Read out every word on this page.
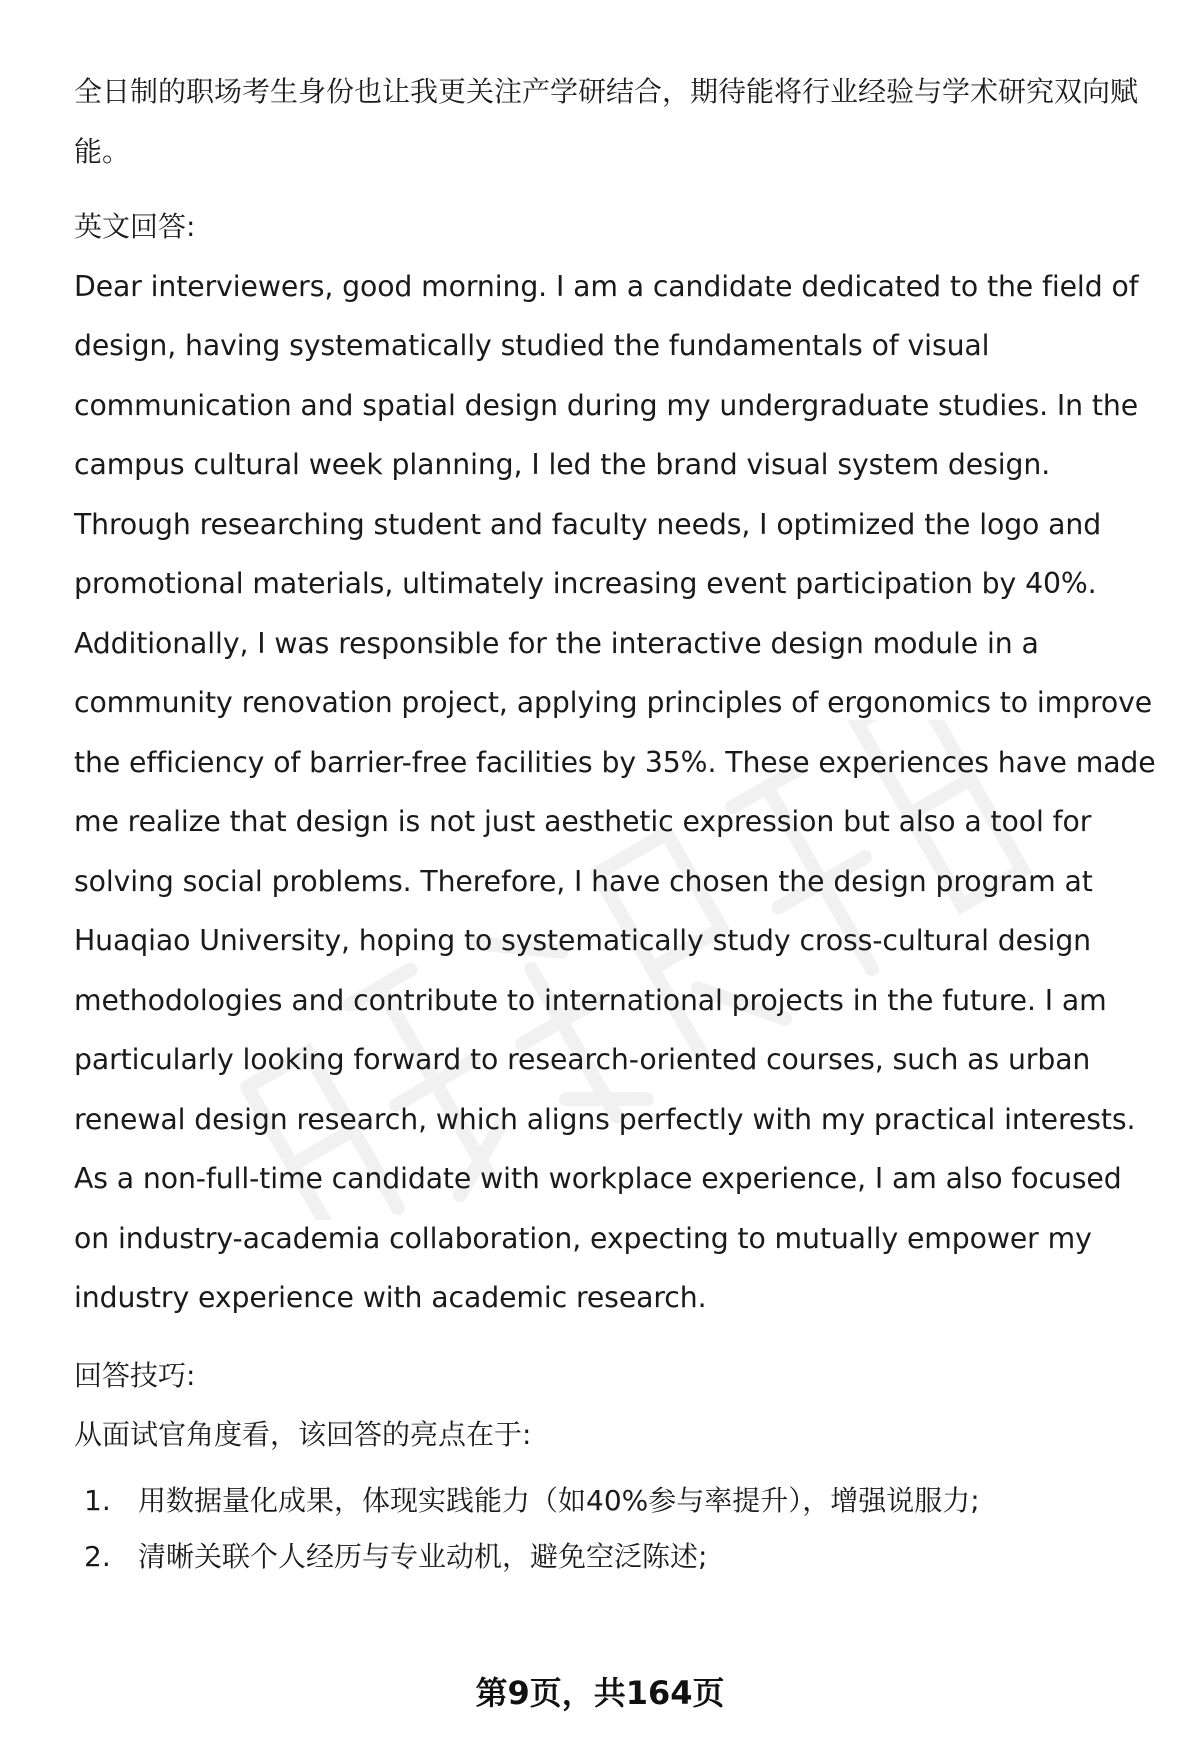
全日制的职场考生身份也让我更关注产学研结合，期待能将行业经验与学术研究双向赋能。

英文回答:

Dear interviewers, good morning. I am a candidate dedicated to the field of design, having systematically studied the fundamentals of visual communication and spatial design during my undergraduate studies. In the campus cultural week planning, I led the brand visual system design. Through researching student and faculty needs, I optimized the logo and promotional materials, ultimately increasing event participation by 40%. Additionally, I was responsible for the interactive design module in a community renovation project, applying principles of ergonomics to improve the efficiency of barrier-free facilities by 35%. These experiences have made me realize that design is not just aesthetic expression but also a tool for solving social problems. Therefore, I have chosen the design program at Huaqiao University, hoping to systematically study cross-cultural design methodologies and contribute to international projects in the future. I am particularly looking forward to research-oriented courses, such as urban renewal design research, which aligns perfectly with my practical interests. As a non-full-time candidate with workplace experience, I am also focused on industry-academia collaboration, expecting to mutually empower my industry experience with academic research.

回答技巧:

从面试官角度看，该回答的亮点在于:

1. 用数据量化成果，体现实践能力（如40%参与率提升），增强说服力;
2. 清晰关联个人经历与专业动机，避免空泛陈述;
第9页，共164页
